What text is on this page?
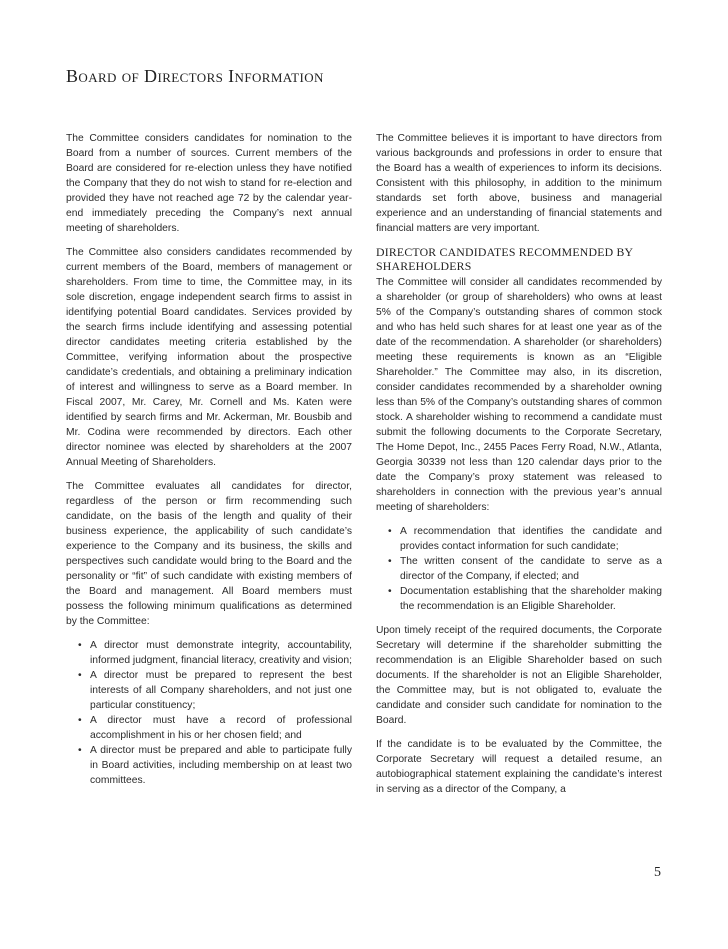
Board of Directors Information

The Committee considers candidates for nomination to the Board from a number of sources. Current members of the Board are considered for re-election unless they have notified the Company that they do not wish to stand for re-election and provided they have not reached age 72 by the calendar year-end immediately preceding the Company’s next annual meeting of shareholders.

The Committee also considers candidates recommended by current members of the Board, members of management or shareholders. From time to time, the Committee may, in its sole discretion, engage independent search firms to assist in identifying potential Board candidates. Services provided by the search firms include identifying and assessing potential director candidates meeting criteria established by the Committee, verifying information about the prospective candidate’s credentials, and obtaining a preliminary indication of interest and willingness to serve as a Board member. In Fiscal 2007, Mr. Carey, Mr. Cornell and Ms. Katen were identified by search firms and Mr. Ackerman, Mr. Bousbib and Mr. Codina were recommended by directors. Each other director nominee was elected by shareholders at the 2007 Annual Meeting of Shareholders.

The Committee evaluates all candidates for director, regardless of the person or firm recommending such candidate, on the basis of the length and quality of their business experience, the applicability of such candidate’s experience to the Company and its business, the skills and perspectives such candidate would bring to the Board and the personality or “fit” of such candidate with existing members of the Board and management. All Board members must possess the following minimum qualifications as determined by the Committee:

• A director must demonstrate integrity, accountability, informed judgment, financial literacy, creativity and vision;
• A director must be prepared to represent the best interests of all Company shareholders, and not just one particular constituency;
• A director must have a record of professional accomplishment in his or her chosen field; and
• A director must be prepared and able to participate fully in Board activities, including membership on at least two committees.

The Committee believes it is important to have directors from various backgrounds and professions in order to ensure that the Board has a wealth of experiences to inform its decisions. Consistent with this philosophy, in addition to the minimum standards set forth above, business and managerial experience and an understanding of financial statements and financial matters are very important.

DIRECTOR CANDIDATES RECOMMENDED BY SHAREHOLDERS

The Committee will consider all candidates recommended by a shareholder (or group of shareholders) who owns at least 5% of the Company’s outstanding shares of common stock and who has held such shares for at least one year as of the date of the recommendation. A shareholder (or shareholders) meeting these requirements is known as an “Eligible Shareholder.” The Committee may also, in its discretion, consider candidates recommended by a shareholder owning less than 5% of the Company’s outstanding shares of common stock. A shareholder wishing to recommend a candidate must submit the following documents to the Corporate Secretary, The Home Depot, Inc., 2455 Paces Ferry Road, N.W., Atlanta, Georgia 30339 not less than 120 calendar days prior to the date the Company’s proxy statement was released to shareholders in connection with the previous year’s annual meeting of shareholders:

• A recommendation that identifies the candidate and provides contact information for such candidate;
• The written consent of the candidate to serve as a director of the Company, if elected; and
• Documentation establishing that the shareholder making the recommendation is an Eligible Shareholder.

Upon timely receipt of the required documents, the Corporate Secretary will determine if the shareholder submitting the recommendation is an Eligible Shareholder based on such documents. If the shareholder is not an Eligible Shareholder, the Committee may, but is not obligated to, evaluate the candidate and consider such candidate for nomination to the Board.

If the candidate is to be evaluated by the Committee, the Corporate Secretary will request a detailed resume, an autobiographical statement explaining the candidate’s interest in serving as a director of the Company, a

5
